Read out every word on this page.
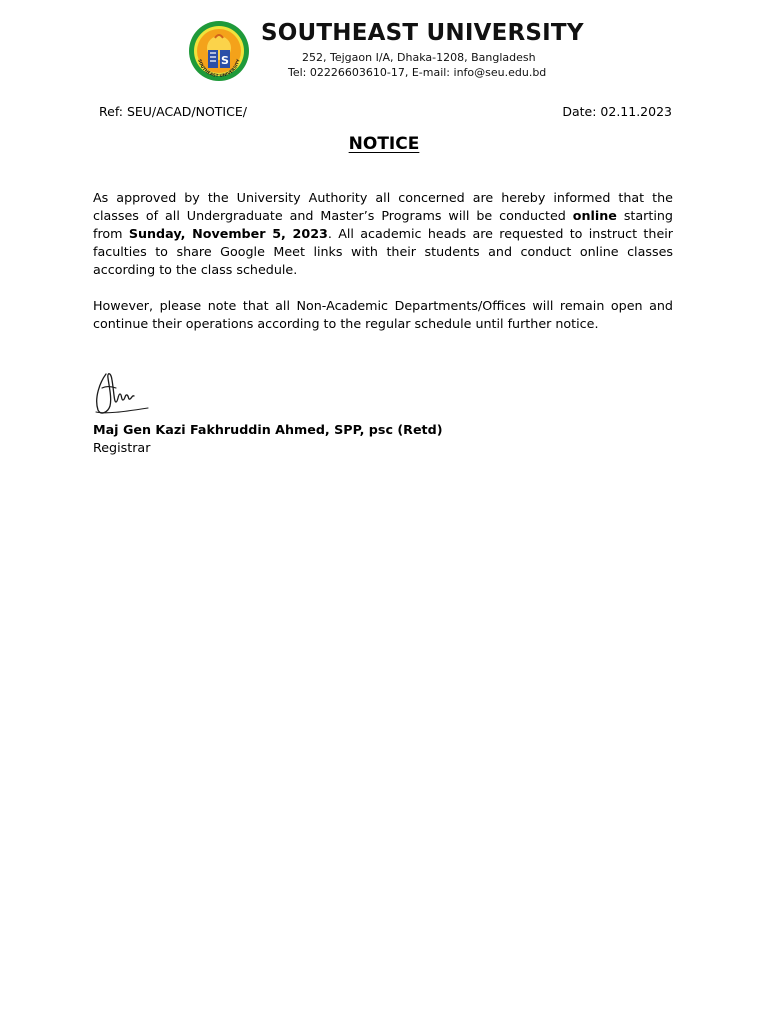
S
SOUTHEAST UNIVERSITY
SOUTHEAST UNIVERSITY
252, Tejgaon I/A, Dhaka-1208, Bangladesh
Tel: 02226603610-17, E-mail: info@seu.edu.bd
Ref: SEU/ACAD/NOTICE/	Date: 02.11.2023
NOTICE

As approved by the University Authority all concerned are hereby informed that the classes of all Undergraduate and Master’s Programs will be conducted online starting from Sunday, November 5, 2023. All academic heads are requested to instruct their faculties to share Google Meet links with their students and conduct online classes according to the class schedule.

However, please note that all Non-Academic Departments/Offices will remain open and continue their operations according to the regular schedule until further notice.

Maj Gen Kazi Fakhruddin Ahmed, SPP, psc (Retd)
Registrar
